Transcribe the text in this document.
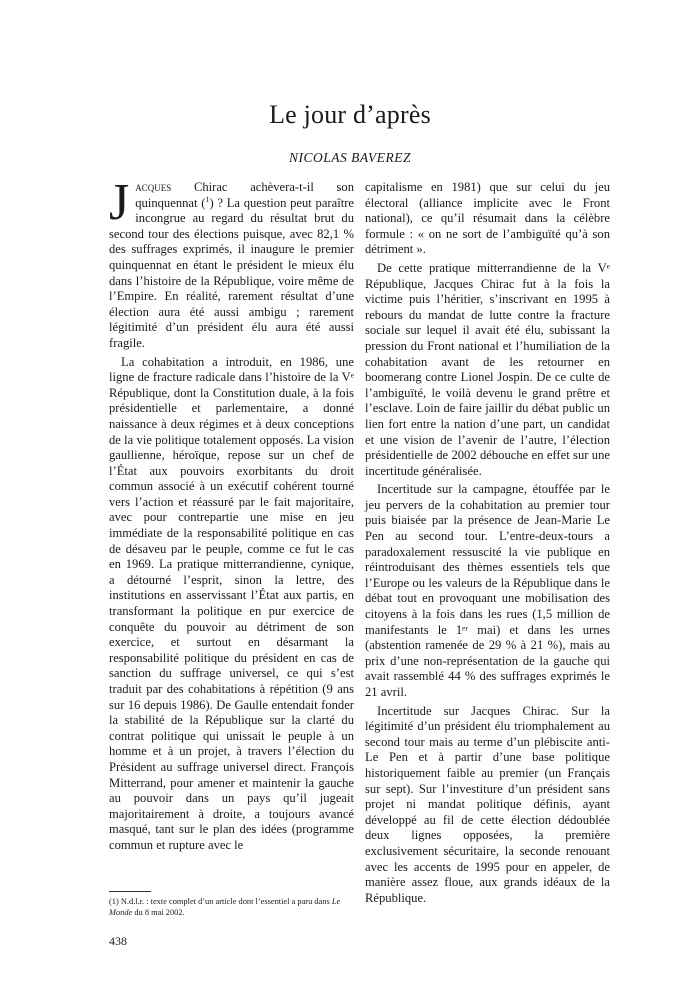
Le jour d’après
NICOLAS BAVEREZ

Jacques Chirac achèvera-t-il son quinquennat ($^1$) ? La question peut paraître incongrue au regard du résultat brut du second tour des élections puisque, avec 82,1 % des suffrages exprimés, il inaugure le premier quinquennat en étant le président le mieux élu dans l’histoire de la République, voire même de l’Empire. En réalité, rarement résultat d’une élection aura été aussi ambigu ; rarement légitimité d’un président élu aura été aussi fragile.

La cohabitation a introduit, en 1986, une ligne de fracture radicale dans l’histoire de la Vᵉ République, dont la Constitution duale, à la fois présidentielle et parlementaire, a donné naissance à deux régimes et à deux conceptions de la vie politique totalement opposés. La vision gaullienne, héroïque, repose sur un chef de l’État aux pouvoirs exorbitants du droit commun associé à un exécutif cohérent tourné vers l’action et réassuré par le fait majoritaire, avec pour contrepartie une mise en jeu immédiate de la responsabilité politique en cas de désaveu par le peuple, comme ce fut le cas en 1969. La pratique mitterrandienne, cynique, a détourné l’esprit, sinon la lettre, des institutions en asservissant l’État aux partis, en transformant la politique en pur exercice de conquête du pouvoir au détriment de son exercice, et surtout en désarmant la responsabilité politique du président en cas de sanction du suffrage universel, ce qui s’est traduit par des cohabitations à répétition (9 ans sur 16 depuis 1986). De Gaulle entendait fonder la stabilité de la République sur la clarté du contrat politique qui unissait le peuple à un homme et à un projet, à travers l’élection du Président au suffrage universel direct. François Mitterrand, pour amener et maintenir la gauche au pouvoir dans un pays qu’il jugeait majoritairement à droite, a toujours avancé masqué, tant sur le plan des idées (programme commun et rupture avec le

capitalisme en 1981) que sur celui du jeu électoral (alliance implicite avec le Front national), ce qu’il résumait dans la célèbre formule : « on ne sort de l’ambiguïté qu’à son détriment ».

De cette pratique mitterrandienne de la Vᵉ République, Jacques Chirac fut à la fois la victime puis l’héritier, s’inscrivant en 1995 à rebours du mandat de lutte contre la fracture sociale sur lequel il avait été élu, subissant la pression du Front national et l’humiliation de la cohabitation avant de les retourner en boomerang contre Lionel Jospin. De ce culte de l’ambiguïté, le voilà devenu le grand prêtre et l’esclave. Loin de faire jaillir du débat public un lien fort entre la nation d’une part, un candidat et une vision de l’avenir de l’autre, l’élection présidentielle de 2002 débouche en effet sur une incertitude généralisée.

Incertitude sur la campagne, étouffée par le jeu pervers de la cohabitation au premier tour puis biaisée par la présence de Jean-Marie Le Pen au second tour. L’entre-deux-tours a paradoxalement ressuscité la vie publique en réintroduisant des thèmes essentiels tels que l’Europe ou les valeurs de la République dans le débat tout en provoquant une mobilisation des citoyens à la fois dans les rues (1,5 million de manifestants le 1ᵉʳ mai) et dans les urnes (abstention ramenée de 29 % à 21 %), mais au prix d’une non-représentation de la gauche qui avait rassemblé 44 % des suffrages exprimés le 21 avril.

Incertitude sur Jacques Chirac. Sur la légitimité d’un président élu triomphalement au second tour mais au terme d’un plébiscite anti-Le Pen et à partir d’une base politique historiquement faible au premier (un Français sur sept). Sur l’investiture d’un président sans projet ni mandat politique définis, ayant développé au fil de cette élection dédoublée deux lignes opposées, la première exclusivement sécuritaire, la seconde renouant avec les accents de 1995 pour en appeler, de manière assez floue, aux grands idéaux de la République.

(1) N.d.l.r. : texte complet d’un article dont l’essentiel a paru dans Le Monde du 8 mai 2002.
438
